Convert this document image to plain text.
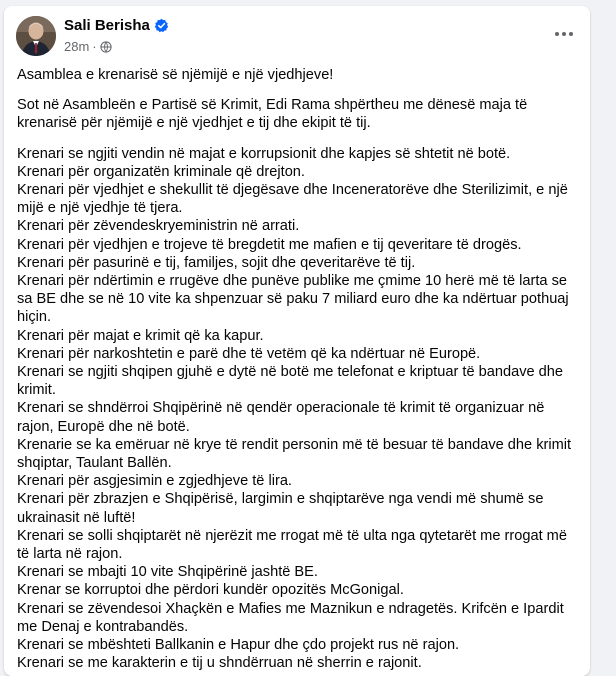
Sali Berisha
28m ·

Asamblea e krenarisë së njëmijë e një vjedhjeve!

Sot në Asambleën e Partisë së Krimit, Edi Rama shpërtheu me dënesë maja të krenarisë për njëmijë e një vjedhjet e tij dhe ekipit të tij.

Krenari se ngjiti vendin në majat e korrupsionit dhe kapjes së shtetit në botë.

Krenari për organizatën kriminale që drejton.

Krenari për vjedhjet e shekullit të djegësave dhe Inceneratorëve dhe Sterilizimit, e një mijë e një vjedhje të tjera.

Krenari për zëvendeskryeministrin në arrati.

Krenari për vjedhjen e trojeve të bregdetit me mafien e tij qeveritare të drogës.

Krenari për pasurinë e tij, familjes, sojit dhe qeveritarëve të tij.

Krenari për ndërtimin e rrugëve dhe punëve publike me çmime 10 herë më të larta se sa BE dhe se në 10 vite ka shpenzuar së paku 7 miliard euro dhe ka ndërtuar pothuaj hiçin.

Krenari për majat e krimit që ka kapur.

Krenari për narkoshtetin e parë dhe të vetëm që ka ndërtuar në Europë.

Krenari se ngjiti shqipen gjuhë e dytë në botë me telefonat e kriptuar të bandave dhe krimit.

Krenari se shndërroi Shqipërinë në qendër operacionale të krimit të organizuar në rajon, Europë dhe në botë.

Krenarie se ka emëruar në krye të rendit personin më të besuar të bandave dhe krimit shqiptar, Taulant Ballën.

Krenari për asgjesimin e zgjedhjeve të lira.

Krenari për zbrazjen e Shqipërisë, largimin e shqiptarëve nga vendi më shumë se ukrainasit në luftë!

Krenari se solli shqiptarët në njerëzit me rrogat më të ulta nga qytetarët me rrogat më të larta në rajon.

Krenari se mbajti 10 vite Shqipërinë jashtë BE.

Krenar se korruptoi dhe përdori kundër opozitës McGonigal.

Krenari se zëvendesoi Xhaçkën e Mafies me Maznikun e ndragetës. Krifcën e Ipardit me Denaj e kontrabandës.

Krenari se mbështeti Ballkanin e Hapur dhe çdo projekt rus në rajon.

Krenari se me karakterin e tij u shndërruan në sherrin e rajonit.
